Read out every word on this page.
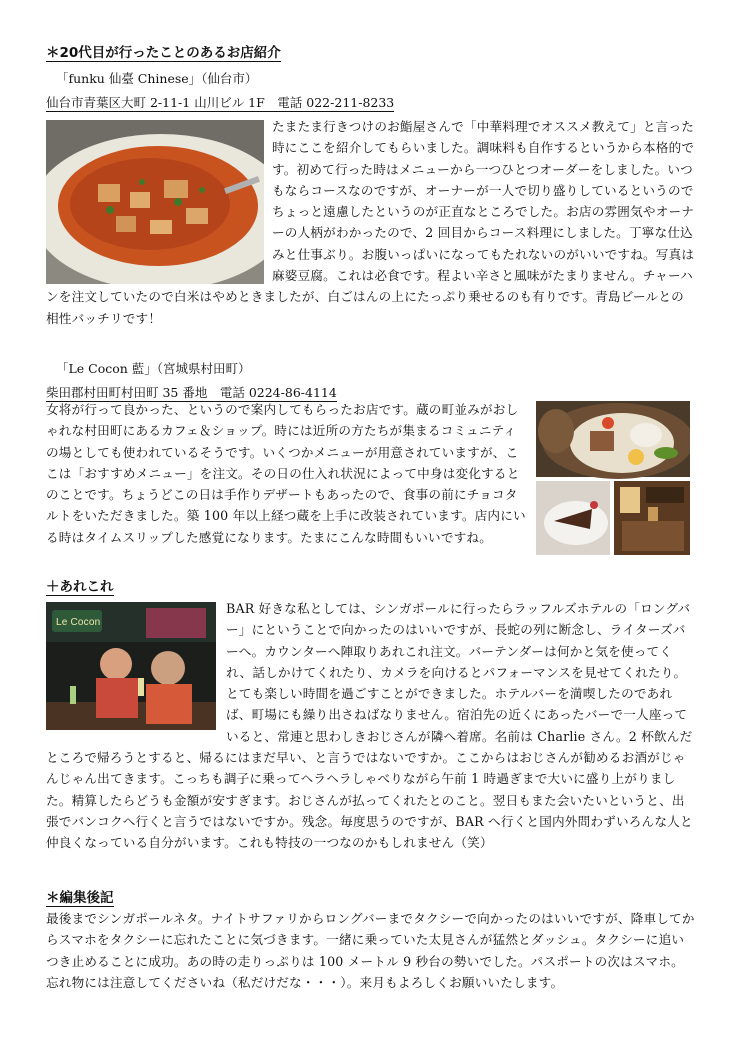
＊20代目が行ったことのあるお店紹介
「funku 仙臺 Chinese」（仙台市）
仙台市青葉区大町 2-11-1 山川ビル 1F　電話 022-211-8233

たまたま行きつけのお鮨屋さんで「中華料理でオススメ教えて」と言った時にここを紹介してもらいました。調味料も自作するというから本格的です。初めて行った時はメニューから一つひとつオーダーをしました。いつもならコースなのですが、オーナーが一人で切り盛りしているというのでちょっと遠慮したというのが正直なところでした。お店の雰囲気やオーナーの人柄がわかったので、2 回目からコース料理にしました。丁寧な仕込みと仕事ぶり。お腹いっぱいになってもたれないのがいいですね。写真は麻婆豆腐。これは必食です。程よい辛さと風味がたまりません。チャーハンを注文していたので白米はやめときましたが、白ごはんの上にたっぷり乗せるのも有りです。青島ビールとの相性バッチリです！

「Le Cocon 藍」（宮城県村田町）
柴田郡村田町村田町 35 番地　電話 0224-86-4114

女将が行って良かった、というので案内してもらったお店です。蔵の町並みがおしゃれな村田町にあるカフェ＆ショップ。時には近所の方たちが集まるコミュニティの場としても使われているそうです。いくつかメニューが用意されていますが、ここは「おすすめメニュー」を注文。その日の仕入れ状況によって中身は変化するとのことです。ちょうどこの日は手作りデザートもあったので、食事の前にチョコタルトをいただきました。築 100 年以上経つ蔵を上手に改装されています。店内にいる時はタイムスリップした感覚になります。たまにこんな時間もいいですね。

＋あれこれ
Le Cocon

BAR 好きな私としては、シンガポールに行ったらラッフルズホテルの「ロングバー」にということで向かったのはいいですが、長蛇の列に断念し、ライターズバーへ。カウンターへ陣取りあれこれ注文。バーテンダーは何かと気を使ってくれ、話しかけてくれたり、カメラを向けるとパフォーマンスを見せてくれたり。とても楽しい時間を過ごすことができました。ホテルバーを満喫したのであれば、町場にも繰り出さねばなりません。宿泊先の近くにあったバーで一人座っていると、常連と思わしきおじさんが隣へ着席。名前は Charlie さん。2 杯飲んだところで帰ろうとすると、帰るにはまだ早い、と言うではないですか。ここからはおじさんが勧めるお酒がじゃんじゃん出てきます。こっちも調子に乗ってヘラヘラしゃべりながら午前 1 時過ぎまで大いに盛り上がりました。精算したらどうも金額が安すぎます。おじさんが払ってくれたとのこと。翌日もまた会いたいというと、出張でバンコクへ行くと言うではないですか。残念。毎度思うのですが、BAR へ行くと国内外問わずいろんな人と仲良くなっている自分がいます。これも特技の一つなのかもしれません（笑）

＊編集後記

最後までシンガポールネタ。ナイトサファリからロングバーまでタクシーで向かったのはいいですが、降車してからスマホをタクシーに忘れたことに気づきます。一緒に乗っていた太見さんが猛然とダッシュ。タクシーに追いつき止めることに成功。あの時の走りっぷりは 100 メートル 9 秒台の勢いでした。パスポートの次はスマホ。忘れ物には注意してくださいね（私だけだな・・・）。来月もよろしくお願いいたします。
